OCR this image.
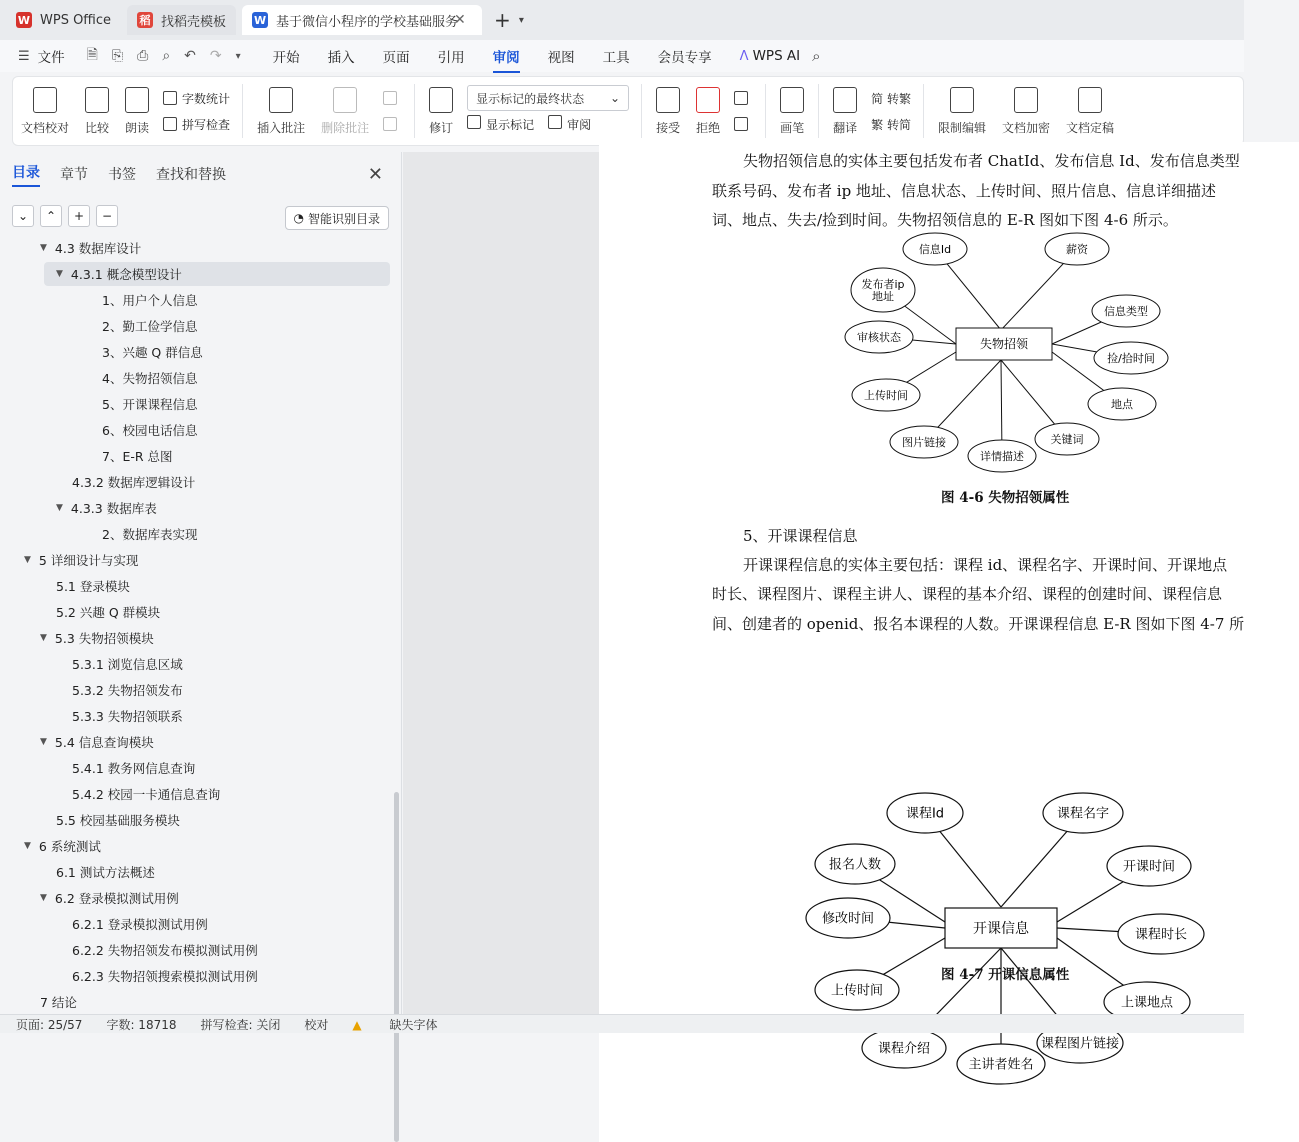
W WPS Office	稻 找稻壳模板	W 基于微信小程序的学校基础服务
✕ + ▾
☰ 文件 🗎 ⎘ ⎙ ⌕ ↶ ↷ ▾ 开始 插入 页面 引用 审阅 视图 工具 会员专享 Ʌ WPS AI ⌕
文档校对 比较 朗读
字数统计
拼写检查 插入批注 删除批注	修订
显示标记的最终状态 ⌄
显示标记	审阅	接受 拒绝	画笔 翻译
简 转繁
繁 转简 限制编辑 文档加密 文档定稿
目录 章节 书签 查找和替换	✕
⌄	⌃	+	−	◔ 智能识别目录
▼ 4.3 数据库设计
▼ 4.3.1 概念模型设计
1、用户个人信息
2、勤工俭学信息
3、兴趣 Q 群信息
4、失物招领信息
5、开课课程信息
6、校园电话信息
7、E-R 总图
4.3.2 数据库逻辑设计
▼ 4.3.3 数据库表
2、数据库表实现
▼ 5 详细设计与实现
5.1 登录模块
5.2 兴趣 Q 群模块
▼ 5.3 失物招领模块
5.3.1 浏览信息区域
5.3.2 失物招领发布
5.3.3 失物招领联系
▼ 5.4 信息查询模块
5.4.1 教务网信息查询
5.4.2 校园一卡通信息查询
5.5 校园基础服务模块
▼ 6 系统测试
6.1 测试方法概述
▼ 6.2 登录模拟测试用例
6.2.1 登录模拟测试用例
6.2.2 失物招领发布模拟测试用例
6.2.3 失物招领搜索模拟测试用例
7 结论
失物招领信息的实体主要包括发布者 ChatId、发布信息 Id、发布信息类型
联系号码、发布者 ip 地址、信息状态、上传时间、照片信息、信息详细描述
词、地点、失去/捡到时间。失物招领信息的 E-R 图如下图 4-6 所示。
信息Id	薪资
发布者ip
地址
信息类型
审核状态
捡/拾时间
上传时间
地点
图片链接
详情描述
关键词
失物招领
图 4-6 失物招领属性
5、开课课程信息
开课课程信息的实体主要包括：课程 id、课程名字、开课时间、开课地点
时长、课程图片、课程主讲人、课程的基本介绍、课程的创建时间、课程信息
间、创建者的 openid、报名本课程的人数。开课课程信息 E-R 图如下图 4-7 所
课程Id	课程名字
报名人数	开课时间
修改时间
课程时长
上传时间
上课地点
课程介绍
主讲者姓名
课程图片链接
开课信息
图 4-7 开课信息属性
页面: 25/57 字数: 18718 拼写检查: 关闭 校对 ▲ 缺失字体
